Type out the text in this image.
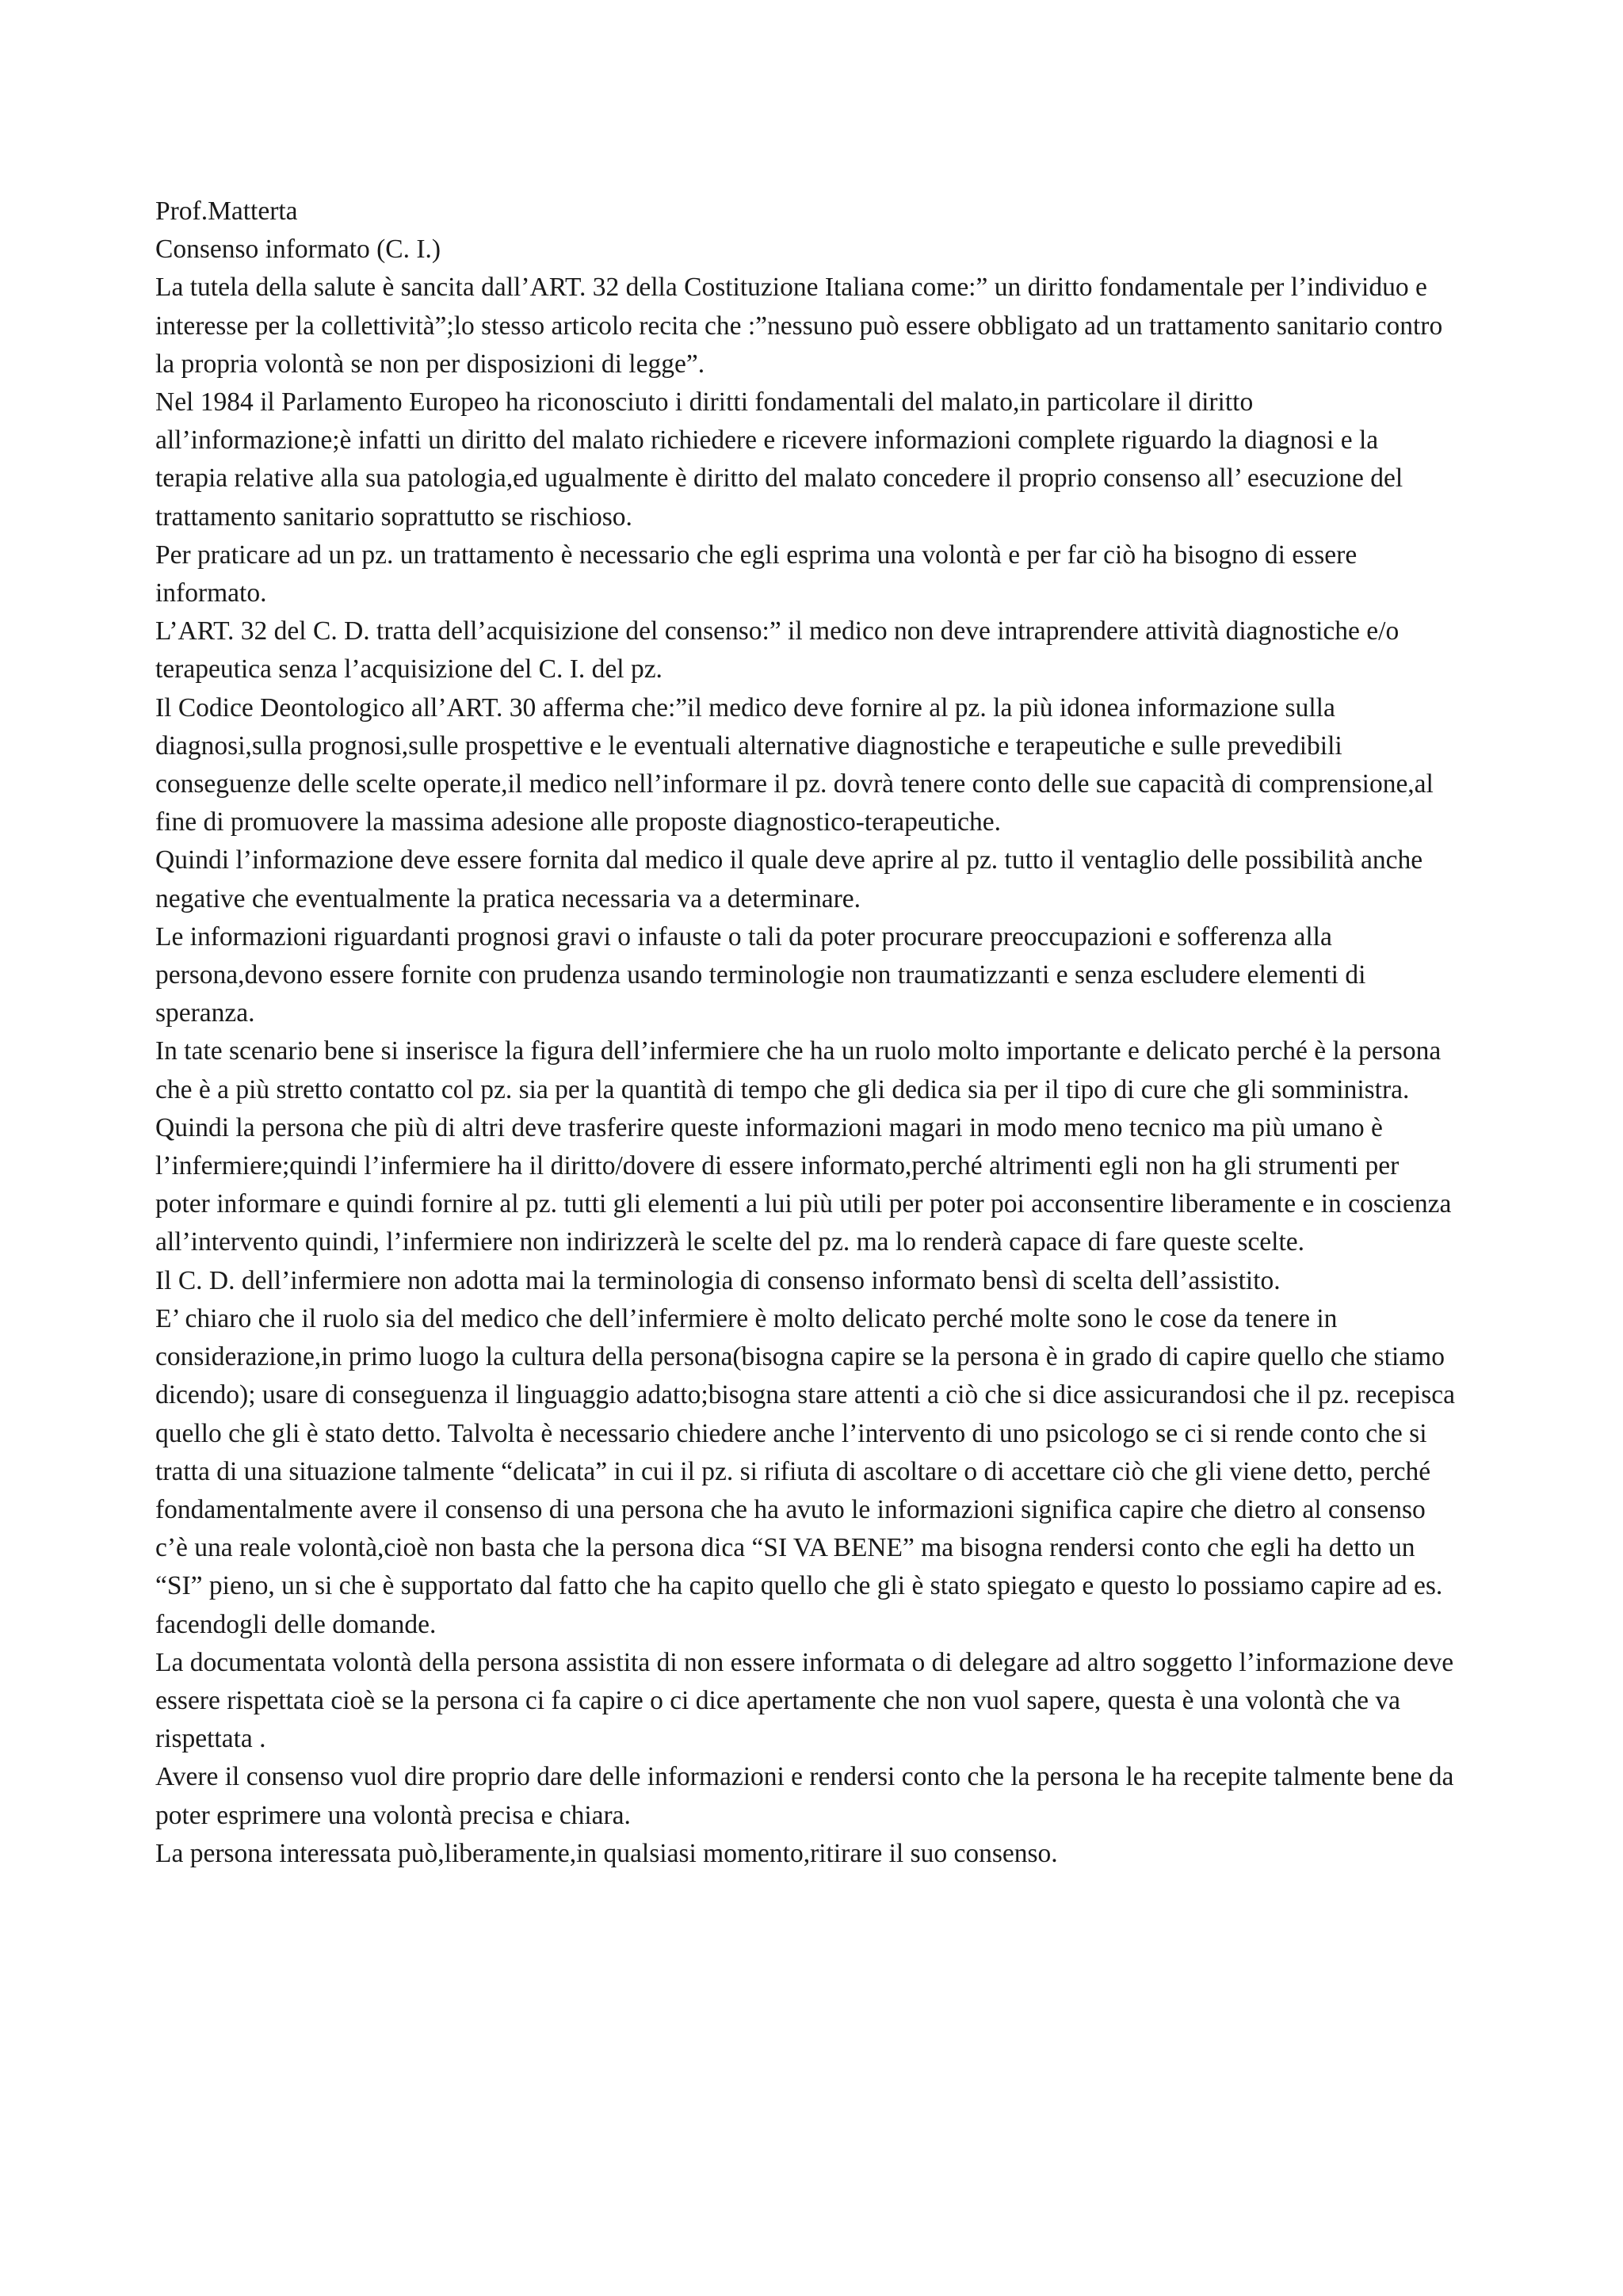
Prof.Matterta

Consenso informato (C. I.)

La tutela della salute è sancita dall’ART. 32 della Costituzione Italiana come:” un diritto fondamentale per l’individuo e interesse per la collettività”;lo stesso articolo recita che :”nessuno può essere obbligato ad un trattamento sanitario contro la propria volontà se non per disposizioni di legge”.

Nel 1984 il Parlamento Europeo ha riconosciuto i diritti fondamentali del malato,in particolare il diritto all’informazione;è infatti un diritto del malato richiedere e ricevere informazioni complete riguardo la diagnosi e la terapia relative alla sua patologia,ed ugualmente è diritto del malato concedere il proprio consenso all’ esecuzione del trattamento sanitario soprattutto se rischioso.

Per praticare ad un pz. un trattamento è necessario che egli esprima una volontà e per far ciò ha bisogno di essere informato.

L’ART. 32 del C. D. tratta dell’acquisizione del consenso:” il medico non deve intraprendere attività diagnostiche e/o terapeutica senza l’acquisizione del C. I. del pz.

Il Codice Deontologico all’ART. 30 afferma che:”il medico deve fornire al pz. la più idonea informazione sulla diagnosi,sulla prognosi,sulle prospettive e le eventuali alternative diagnostiche e terapeutiche e sulle prevedibili conseguenze delle scelte operate,il medico nell’informare il pz. dovrà tenere conto delle sue capacità di comprensione,al fine di promuovere la massima adesione alle proposte diagnostico-terapeutiche.

Quindi l’informazione deve essere fornita dal medico il quale deve aprire al pz. tutto il ventaglio delle possibilità anche negative che eventualmente la pratica necessaria va a determinare.

Le informazioni riguardanti prognosi gravi o infauste o tali da poter procurare preoccupazioni e sofferenza alla persona,devono essere fornite con prudenza usando terminologie non traumatizzanti e senza escludere elementi di speranza.

In tate scenario bene si inserisce la figura dell’infermiere che ha un ruolo molto importante e delicato perché è la persona che è a più stretto contatto col pz. sia per la quantità di tempo che gli dedica sia per il tipo di cure che gli somministra. Quindi la persona che più di altri deve trasferire queste informazioni magari in modo meno tecnico ma più umano è l’infermiere;quindi l’infermiere ha il diritto/dovere di essere informato,perché altrimenti egli non ha gli strumenti per poter informare e quindi fornire al pz. tutti gli elementi a lui più utili per poter poi acconsentire liberamente e in coscienza all’intervento quindi, l’infermiere non indirizzerà le scelte del pz. ma lo renderà capace di fare queste scelte.

Il C. D. dell’infermiere non adotta mai la terminologia di consenso informato bensì di scelta dell’assistito.

E’ chiaro che il ruolo sia del medico che dell’infermiere è molto delicato perché molte sono le cose da tenere in considerazione,in primo luogo la cultura della persona(bisogna capire se la persona è in grado di capire quello che stiamo dicendo); usare di conseguenza il linguaggio adatto;bisogna stare attenti a ciò che si dice assicurandosi che il pz. recepisca quello che gli è stato detto. Talvolta è necessario chiedere anche l’intervento di uno psicologo se ci si rende conto che si tratta di una situazione talmente “delicata” in cui il pz. si rifiuta di ascoltare o di accettare ciò che gli viene detto, perché fondamentalmente avere il consenso di una persona che ha avuto le informazioni significa capire che dietro al consenso c’è una reale volontà,cioè non basta che la persona dica “SI VA BENE” ma bisogna rendersi conto che egli ha detto un “SI” pieno, un si che è supportato dal fatto che ha capito quello che gli è stato spiegato e questo lo possiamo capire ad es. facendogli delle domande.

La documentata volontà della persona assistita di non essere informata o di delegare ad altro soggetto l’informazione deve essere rispettata cioè se la persona ci fa capire o ci dice apertamente che non vuol sapere, questa è una volontà che va rispettata .

Avere il consenso vuol dire proprio dare delle informazioni e rendersi conto che la persona le ha recepite talmente bene da poter esprimere una volontà precisa e chiara.

La persona interessata può,liberamente,in qualsiasi momento,ritirare il suo consenso.
